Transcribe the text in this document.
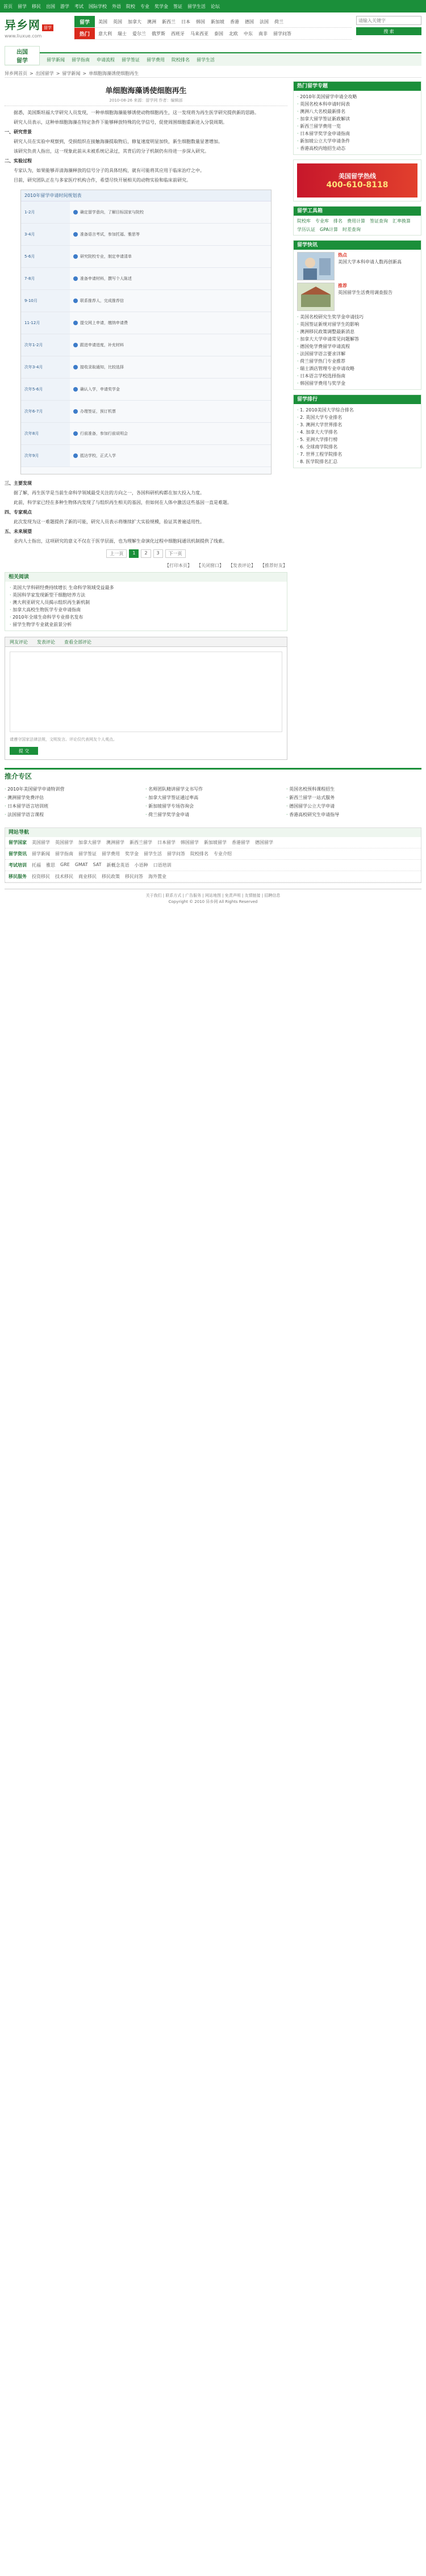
首页 留学 移民 出国 游学 考试 国际学校 外语 院校 专业 奖学金 签证 留学生活 论坛
异乡网 留学
www.liuxue.com
留学	美国 英国 加拿大 澳洲 新西兰 日本 韩国 新加坡 香港 德国 法国 荷兰
热门	意大利 瑞士 爱尔兰 俄罗斯 西班牙 马来西亚 泰国 北欧 中东 南非 留学问答
请输入关键字	搜 索
出国
留学	留学新闻 留学指南 申请流程 留学签证 留学费用 院校排名 留学生活
异乡网首页 > 出国留学 > 留学新闻 > 单细胞海藻诱使细胞再生
单细胞海藻诱使细胞再生
2010-08-26 来源：留学网 作者：编辑部

据悉，美国斯坦福大学研究人员发现，一种单细胞海藻能够诱使动物细胞再生，这一发现将为再生医学研究提供新的思路。

研究人员表示，这种单细胞海藻在特定条件下能够释放特殊的化学信号，促使周围细胞重新进入分裂周期。

一、研究背景

研究人员在实验中观察到，受损组织在接触海藻提取物后，修复速度明显加快，新生细胞数量显著增加。

该研究负责人指出，这一现象此前从未被系统记录过，其背后的分子机制仍有待进一步深入研究。

二、实验过程

专家认为，如果能够弄清海藻释放的信号分子的具体结构，就有可能将其应用于临床治疗之中。

目前，研究团队正在与多家医疗机构合作，希望尽快开展相关的动物实验和临床前研究。

2010年留学申请时间规划表
1-2月	确定留学意向，了解目标国家与院校
3-4月	准备语言考试，参加托福、雅思等
5-6月	研究院校专业，制定申请清单
7-8月	准备申请材料，撰写个人陈述
9-10月	联系推荐人，完成推荐信
11-12月	提交网上申请，缴纳申请费
次年1-2月	跟进申请进度，补充材料
次年3-4月	接收录取通知，比较选择
次年5-6月	确认入学，申请奖学金
次年6-7月	办理签证，预订机票
次年8月	行前准备，参加行前说明会
次年9月	抵达学校，正式入学

三、主要发现

据了解，再生医学是当前生命科学领域最受关注的方向之一，各国科研机构都在加大投入力度。

此前，科学家已经在多种生物体内发现了与组织再生相关的基因，但如何在人体中激活这些基因一直是难题。

四、专家观点

此次发现为这一难题提供了新的可能，研究人员表示将继续扩大实验规模，验证其普遍适用性。

五、未来展望

业内人士指出，这项研究的意义不仅在于医学层面，也为理解生命演化过程中细胞间通讯机制提供了线索。

上一页	1	2	3	下一页
【打印本页】 【关闭窗口】 【发表评论】 【推荐好友】
相关阅读
· 美国大学科研经费持续增长 生命科学领域受益最多
· 英国科学家发现新型干细胞培养方法
· 澳大利亚研究人员揭示组织再生新机制
· 加拿大高校生物医学专业申请指南
· 2010年全球生命科学专业排名发布
· 留学生物学专业就业前景分析
网友评论 发表评论 查看全部评论
请遵守国家法律法规，文明发言。评论仅代表网友个人观点。
提 交
热门留学专题
· 2010年美国留学申请全攻略
· 英国名校本科申请时间表
· 澳洲八大名校最新排名
· 加拿大留学签证新政解读
· 新西兰留学费用一览
· 日本留学奖学金申请指南
· 新加坡公立大学申请条件
· 香港高校内地招生动态
美国留学热线
400-610-8118
留学工具箱
院校库 专业库 排名 费用计算 签证查询 汇率换算
学历认证 GPA计算 时差查询
留学快讯
热点
美国大学本科申请人数再创新高
推荐
英国留学生活费用调查报告
· 美国名校研究生奖学金申请技巧
· 英国签证新规对留学生的影响
· 澳洲移民政策调整最新消息
· 加拿大大学申请常见问题解答
· 德国免学费留学申请流程
· 法国留学语言要求详解
· 荷兰留学热门专业推荐
· 瑞士酒店管理专业申请攻略
· 日本语言学校选择指南
· 韩国留学费用与奖学金
留学排行
· 1. 2010美国大学综合排名
· 2. 英国大学专业排名
· 3. 澳洲大学世界排名
· 4. 加拿大大学排名
· 5. 亚洲大学排行榜
· 6. 全球商学院排名
· 7. 世界工程学院排名
· 8. 医学院排名汇总
推介专区
· 2010年美国留学申请特训营	· 名师团队精讲留学文书写作	· 英国名校预科课程招生
· 澳洲留学免费评估	· 加拿大留学签证通过率高	· 新西兰留学一站式服务
· 日本留学语言培训班	· 新加坡留学专场咨询会	· 德国留学公立大学申请
· 法国留学语言课程	· 荷兰留学奖学金申请	· 香港高校研究生申请指导
网站导航
留学国家 美国留学 英国留学 加拿大留学 澳洲留学 新西兰留学 日本留学 韩国留学 新加坡留学 香港留学 德国留学
留学资讯 留学新闻 留学指南 留学签证 留学费用 奖学金 留学生活 留学问答 院校排名 专业介绍
考试培训 托福 雅思 GRE GMAT SAT 新概念英语 小语种 口语培训
移民服务 投资移民 技术移民 商业移民 移民政策 移民问答 海外置业
关于我们 | 联系方式 | 广告服务 | 网站地图 | 免责声明 | 友情链接 | 招聘信息
Copyright © 2010 异乡网 All Rights Reserved
